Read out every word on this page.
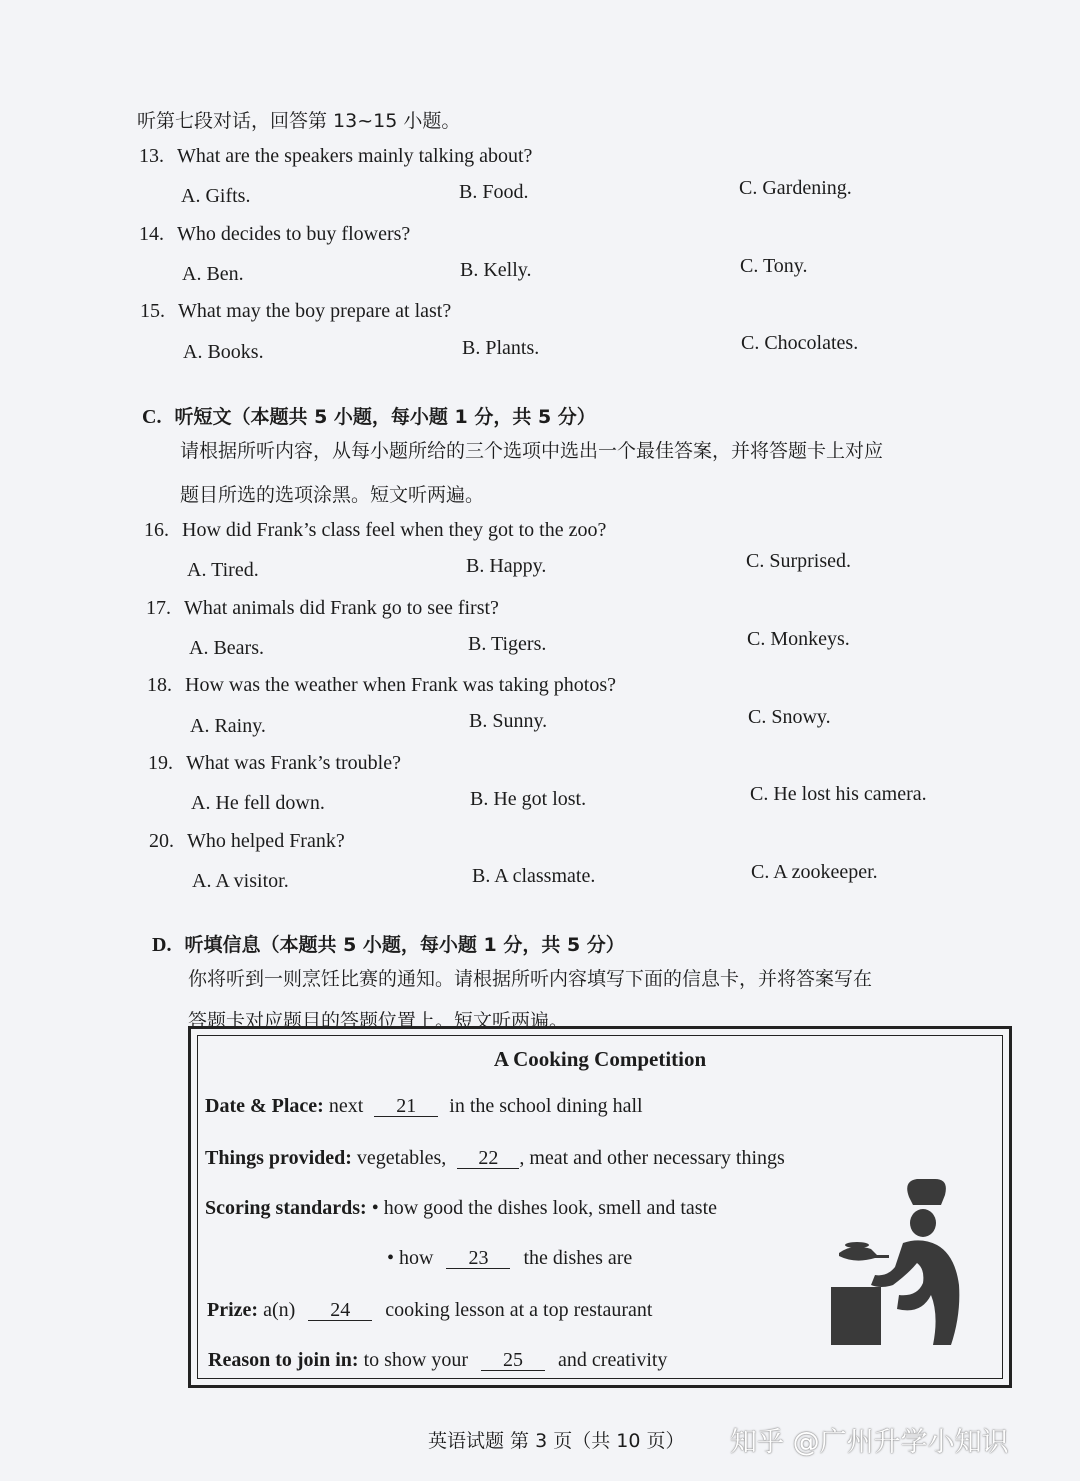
听第七段对话，回答第 13~15 小题。
13. What are the speakers mainly talking about?
A. Gifts.	B. Food.	C. Gardening.
14. Who decides to buy flowers?
A. Ben.	B. Kelly.	C. Tony.
15. What may the boy prepare at last?
A. Books.	B. Plants.	C. Chocolates.
C. 听短文（本题共 5 小题，每小题 1 分，共 5 分）
请根据所听内容，从每小题所给的三个选项中选出一个最佳答案，并将答题卡上对应
题目所选的选项涂黑。短文听两遍。
16. How did Frank’s class feel when they got to the zoo?
A. Tired.	B. Happy.	C. Surprised.
17. What animals did Frank go to see first?
A. Bears.	B. Tigers.	C. Monkeys.
18. How was the weather when Frank was taking photos?
A. Rainy.	B. Sunny.	C. Snowy.
19. What was Frank’s trouble?
A. He fell down.	B. He got lost.	C. He lost his camera.
20. Who helped Frank?
A. A visitor.	B. A classmate.	C. A zookeeper.
D. 听填信息（本题共 5 小题，每小题 1 分，共 5 分）
你将听到一则烹饪比赛的通知。请根据所听内容填写下面的信息卡，并将答案写在
答题卡对应题目的答题位置上。短文听两遍。
A Cooking Competition
Date & Place: next 21 in the school dining hall
Things provided: vegetables, 22 , meat and other necessary things
Scoring standards: • how good the dishes look, smell and taste
• how 23 the dishes are
Prize: a(n) 24 cooking lesson at a top restaurant
Reason to join in: to show your 25 and creativity
英语试题 第 3 页（共 10 页） 知乎 @广州升学小知识
